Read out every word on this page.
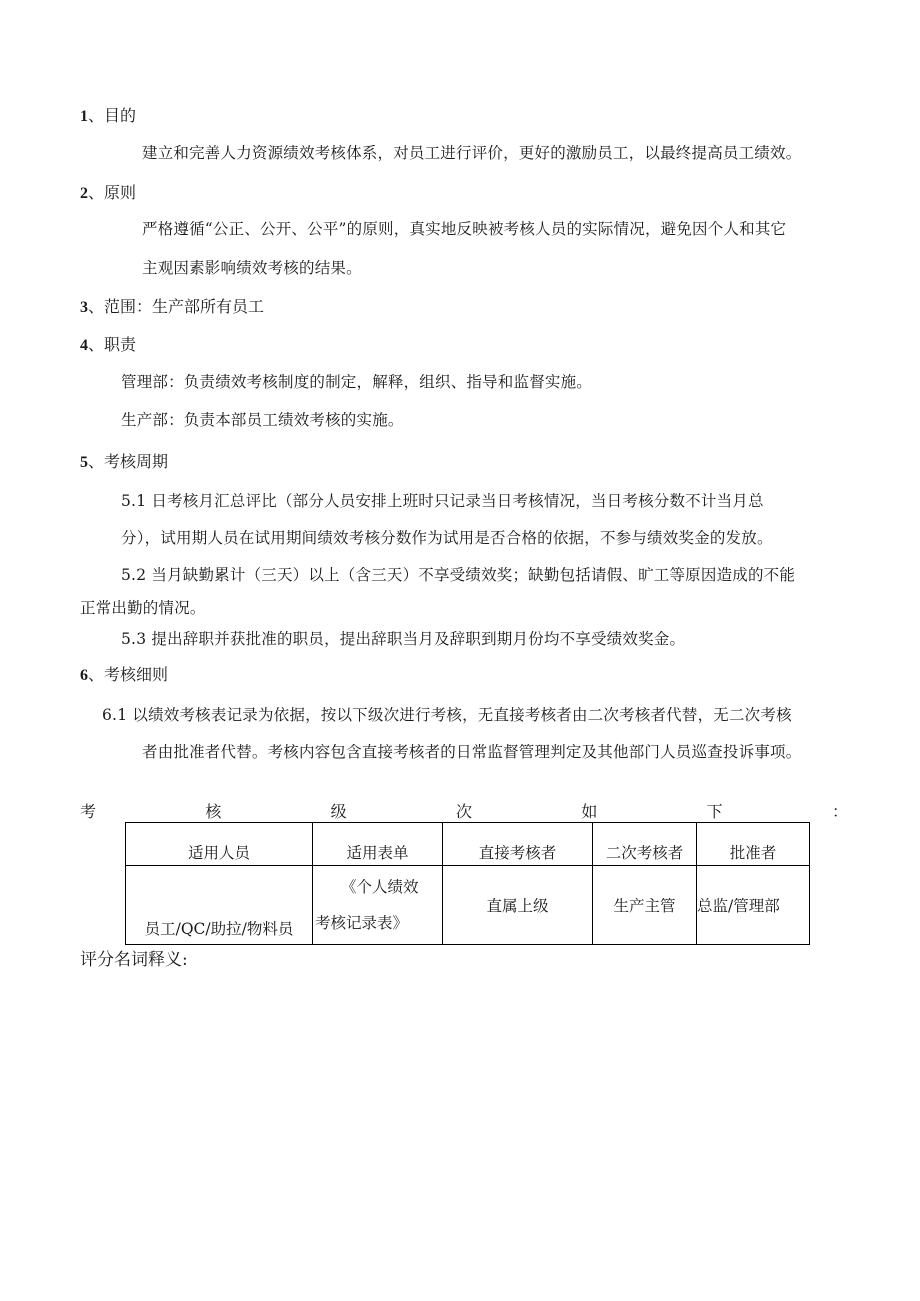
1、目的
建立和完善人力资源绩效考核体系，对员工进行评价，更好的激励员工，以最终提高员工绩效。
2、原则
严格遵循“公正、公开、公平”的原则，真实地反映被考核人员的实际情况，避免因个人和其它
主观因素影响绩效考核的结果。
3、范围：生产部所有员工
4、职责
管理部：负责绩效考核制度的制定，解释，组织、指导和监督实施。
生产部：负责本部员工绩效考核的实施。
5、考核周期
5.1 日考核月汇总评比（部分人员安排上班时只记录当日考核情况，当日考核分数不计当月总
分），试用期人员在试用期间绩效考核分数作为试用是否合格的依据，不参与绩效奖金的发放。
5.2 当月缺勤累计（三天）以上（含三天）不享受绩效奖；缺勤包括请假、旷工等原因造成的不能
正常出勤的情况。
5.3 提出辞职并获批准的职员，提出辞职当月及辞职到期月份均不享受绩效奖金。
6、考核细则
6.1 以绩效考核表记录为依据，按以下级次进行考核，无直接考核者由二次考核者代替，无二次考核
者由批准者代替。考核内容包含直接考核者的日常监督管理判定及其他部门人员巡查投诉事项。
考	核	级	次	如	下	：
适用人员	适用表单	直接考核者	二次考核者	批准者
员工/QC/助拉/物料员	《个人绩效
考核记录表》	直属上级	生产主管	总监/管理部
评分名词释义:
